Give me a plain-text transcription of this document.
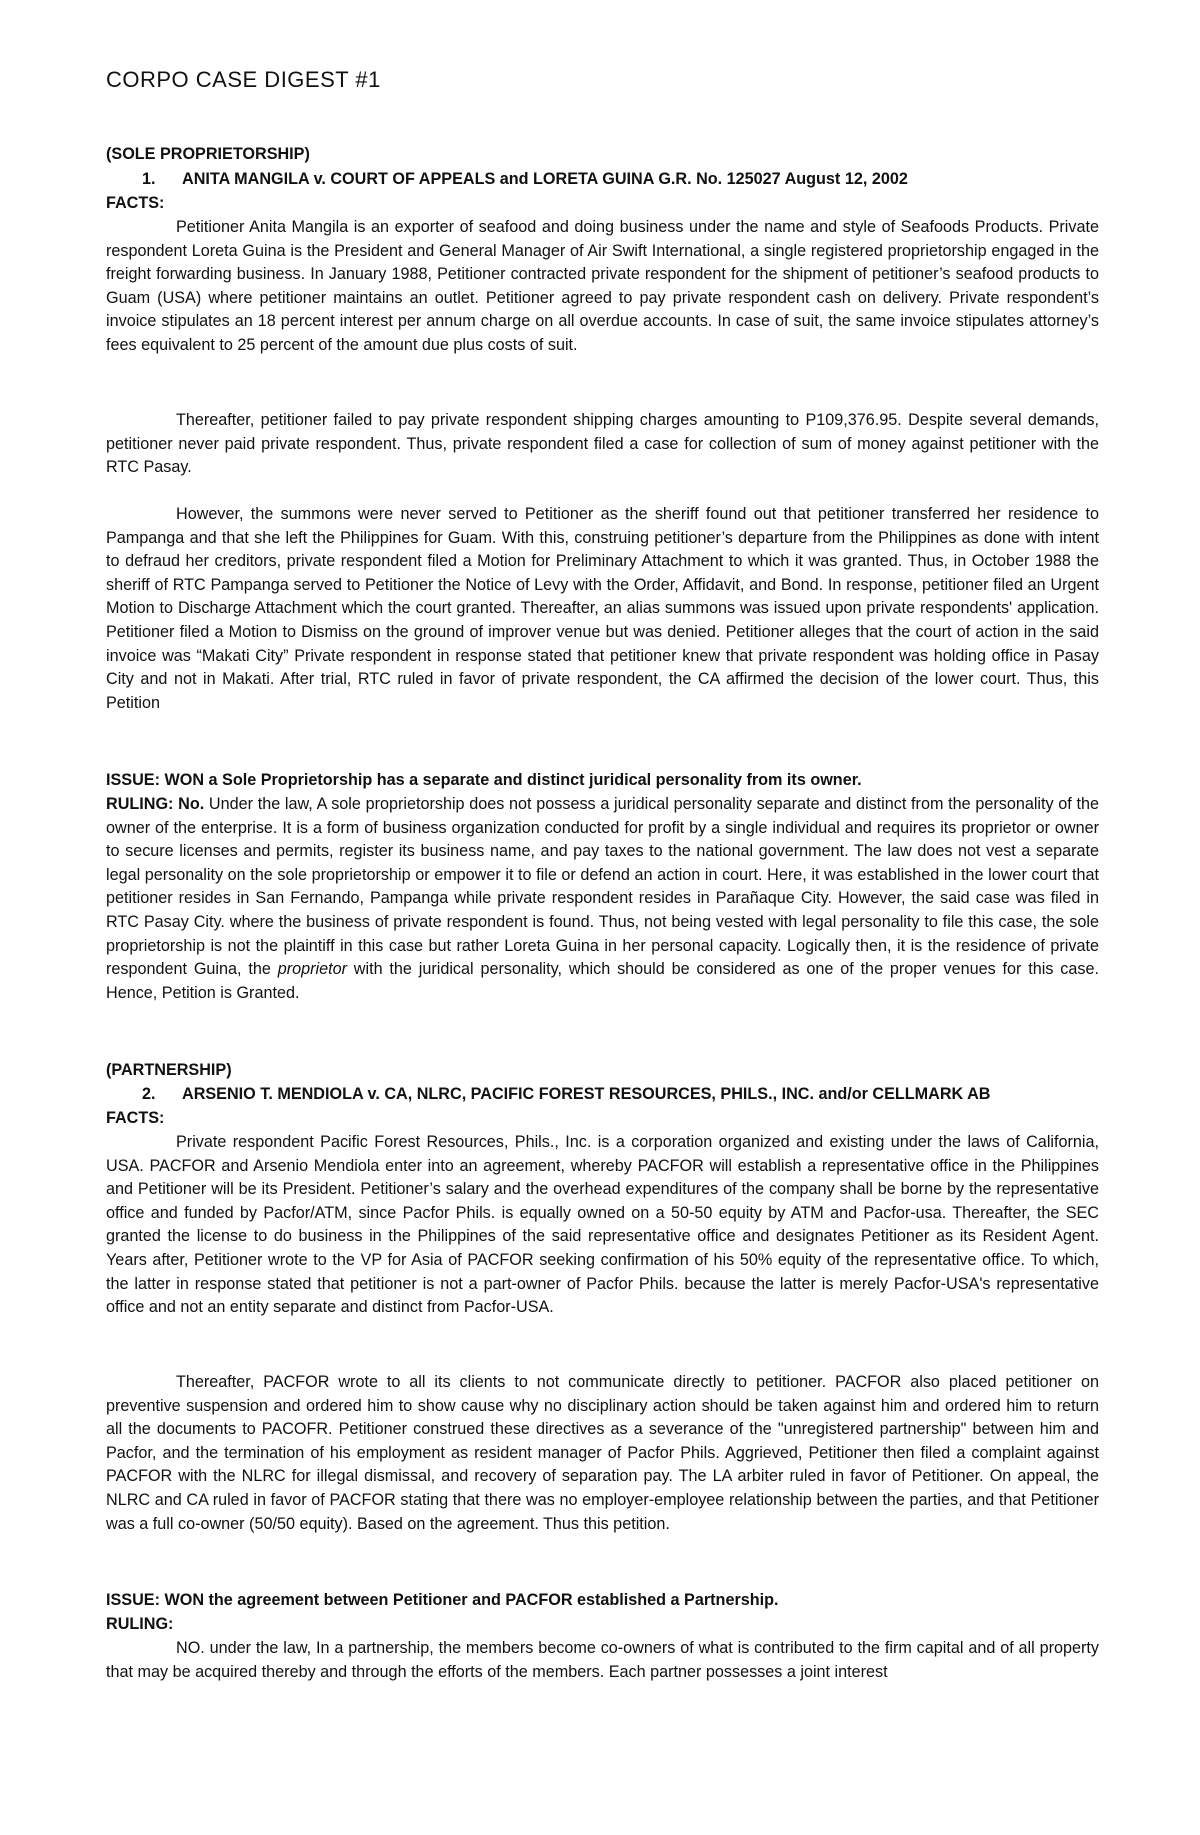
CORPO CASE DIGEST #1
(SOLE PROPRIETORSHIP)
1. ANITA MANGILA v. COURT OF APPEALS and LORETA GUINA G.R. No. 125027 August 12, 2002
FACTS:

Petitioner Anita Mangila is an exporter of seafood and doing business under the name and style of Seafoods Products. Private respondent Loreta Guina is the President and General Manager of Air Swift International, a single registered proprietorship engaged in the freight forwarding business. In January 1988, Petitioner contracted private respondent for the shipment of petitioner’s seafood products to Guam (USA) where petitioner maintains an outlet. Petitioner agreed to pay private respondent cash on delivery. Private respondent’s invoice stipulates an 18 percent interest per annum charge on all overdue accounts. In case of suit, the same invoice stipulates attorney’s fees equivalent to 25 percent of the amount due plus costs of suit.

Thereafter, petitioner failed to pay private respondent shipping charges amounting to P109,376.95. Despite several demands, petitioner never paid private respondent. Thus, private respondent filed a case for collection of sum of money against petitioner with the RTC Pasay.

However, the summons were never served to Petitioner as the sheriff found out that petitioner transferred her residence to Pampanga and that she left the Philippines for Guam. With this, construing petitioner’s departure from the Philippines as done with intent to defraud her creditors, private respondent filed a Motion for Preliminary Attachment to which it was granted. Thus, in October 1988 the sheriff of RTC Pampanga served to Petitioner the Notice of Levy with the Order, Affidavit, and Bond. In response, petitioner filed an Urgent Motion to Discharge Attachment which the court granted. Thereafter, an alias summons was issued upon private respondents' application. Petitioner filed a Motion to Dismiss on the ground of improver venue but was denied. Petitioner alleges that the court of action in the said invoice was “Makati City” Private respondent in response stated that petitioner knew that private respondent was holding office in Pasay City and not in Makati. After trial, RTC ruled in favor of private respondent, the CA affirmed the decision of the lower court. Thus, this Petition

ISSUE: WON a Sole Proprietorship has a separate and distinct juridical personality from its owner.

RULING: No. Under the law, A sole proprietorship does not possess a juridical personality separate and distinct from the personality of the owner of the enterprise. It is a form of business organization conducted for profit by a single individual and requires its proprietor or owner to secure licenses and permits, register its business name, and pay taxes to the national government. The law does not vest a separate legal personality on the sole proprietorship or empower it to file or defend an action in court. Here, it was established in the lower court that petitioner resides in San Fernando, Pampanga while private respondent resides in Parañaque City. However, the said case was filed in RTC Pasay City. where the business of private respondent is found. Thus, not being vested with legal personality to file this case, the sole proprietorship is not the plaintiff in this case but rather Loreta Guina in her personal capacity. Logically then, it is the residence of private respondent Guina, the proprietor with the juridical personality, which should be considered as one of the proper venues for this case. Hence, Petition is Granted.

(PARTNERSHIP)
2. ARSENIO T. MENDIOLA v. CA, NLRC, PACIFIC FOREST RESOURCES, PHILS., INC. and/or CELLMARK AB
FACTS:

Private respondent Pacific Forest Resources, Phils., Inc. is a corporation organized and existing under the laws of California, USA. PACFOR and Arsenio Mendiola enter into an agreement, whereby PACFOR will establish a representative office in the Philippines and Petitioner will be its President. Petitioner’s salary and the overhead expenditures of the company shall be borne by the representative office and funded by Pacfor/ATM, since Pacfor Phils. is equally owned on a 50-50 equity by ATM and Pacfor-usa. Thereafter, the SEC granted the license to do business in the Philippines of the said representative office and designates Petitioner as its Resident Agent. Years after, Petitioner wrote to the VP for Asia of PACFOR seeking confirmation of his 50% equity of the representative office. To which, the latter in response stated that petitioner is not a part-owner of Pacfor Phils. because the latter is merely Pacfor-USA's representative office and not an entity separate and distinct from Pacfor-USA.

Thereafter, PACFOR wrote to all its clients to not communicate directly to petitioner. PACFOR also placed petitioner on preventive suspension and ordered him to show cause why no disciplinary action should be taken against him and ordered him to return all the documents to PACOFR. Petitioner construed these directives as a severance of the "unregistered partnership" between him and Pacfor, and the termination of his employment as resident manager of Pacfor Phils. Aggrieved, Petitioner then filed a complaint against PACFOR with the NLRC for illegal dismissal, and recovery of separation pay. The LA arbiter ruled in favor of Petitioner. On appeal, the NLRC and CA ruled in favor of PACFOR stating that there was no employer-employee relationship between the parties, and that Petitioner was a full co-owner (50/50 equity). Based on the agreement. Thus this petition.

ISSUE: WON the agreement between Petitioner and PACFOR established a Partnership.

RULING:

NO. under the law, In a partnership, the members become co-owners of what is contributed to the firm capital and of all property that may be acquired thereby and through the efforts of the members. Each partner possesses a joint interest
